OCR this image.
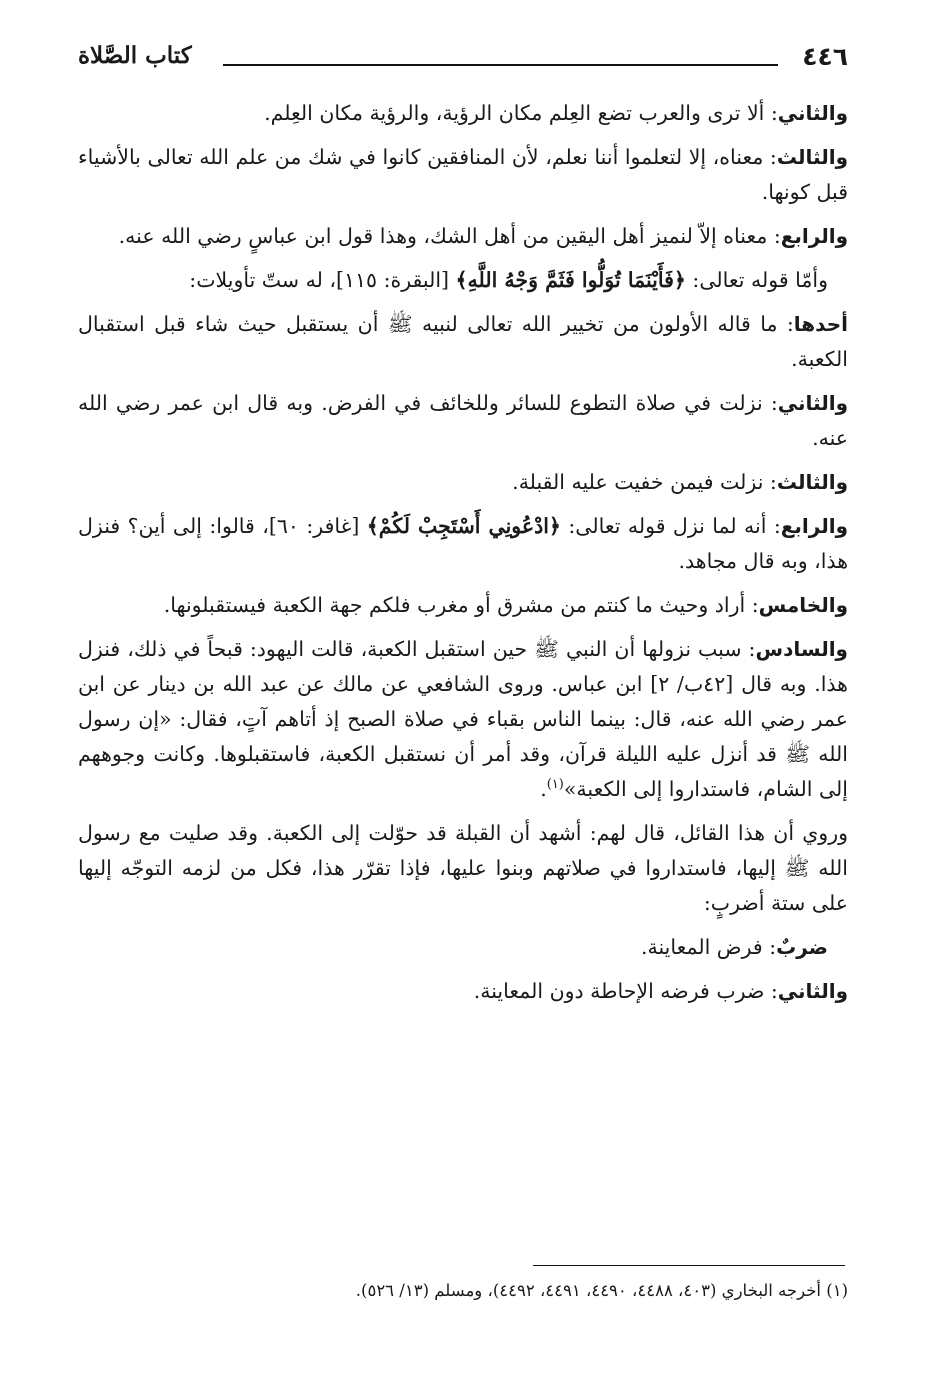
٤٤٦
كتاب الصَّلاة

والثاني: ألا ترى والعرب تضع العِلم مكان الرؤية، والرؤية مكان العِلم.

والثالث: معناه، إلا لتعلموا أننا نعلم، لأن المنافقين كانوا في شك من علم الله تعالى بالأشياء قبل كونها.

والرابع: معناه إلاّ لنميز أهل اليقين من أهل الشك، وهذا قول ابن عباسٍ رضي الله عنه.

وأمّا قوله تعالى: ﴿فَأَيْنَمَا تُوَلُّوا فَثَمَّ وَجْهُ اللَّهِ﴾ [البقرة: ١١٥]، له ستّ تأويلات:

أحدها: ما قاله الأولون من تخيير الله تعالى لنبيه ﷺ أن يستقبل حيث شاء قبل استقبال الكعبة.

والثاني: نزلت في صلاة التطوع للسائر وللخائف في الفرض. وبه قال ابن عمر رضي الله عنه.

والثالث: نزلت فيمن خفيت عليه القبلة.

والرابع: أنه لما نزل قوله تعالى: ﴿ادْعُونِي أَسْتَجِبْ لَكُمْ﴾ [غافر: ٦٠]، قالوا: إلى أين؟ فنزل هذا، وبه قال مجاهد.

والخامس: أراد وحيث ما كنتم من مشرق أو مغرب فلكم جهة الكعبة فيستقبلونها.

والسادس: سبب نزولها أن النبي ﷺ حين استقبل الكعبة، قالت اليهود: قبحاً في ذلك، فنزل هذا. وبه قال [٤٢ب/ ٢] ابن عباس. وروى الشافعي عن مالك عن عبد الله بن دينار عن ابن عمر رضي الله عنه، قال: بينما الناس بقباء في صلاة الصبح إذ أتاهم آتٍ، فقال: «إن رسول الله ﷺ قد أنزل عليه الليلة قرآن، وقد أمر أن نستقبل الكعبة، فاستقبلوها. وكانت وجوههم إلى الشام، فاستداروا إلى الكعبة»$^{(١)}$.

وروي أن هذا القائل، قال لهم: أشهد أن القبلة قد حوّلت إلى الكعبة. وقد صليت مع رسول الله ﷺ إليها، فاستداروا في صلاتهم وبنوا عليها، فإذا تقرّر هذا، فكل من لزمه التوجّه إليها على ستة أضربٍ:

ضربٌ: فرض المعاينة.

والثاني: ضرب فرضه الإحاطة دون المعاينة.

(١) أخرجه البخاري (٤٠٣، ٤٤٨٨، ٤٤٩٠، ٤٤٩١، ٤٤٩٢)، ومسلم (١٣/ ٥٢٦).
